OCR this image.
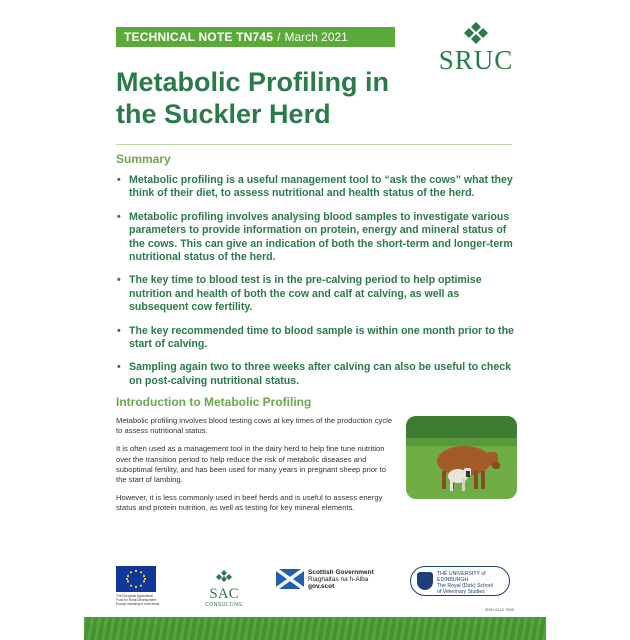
TECHNICAL NOTE TN745 / March 2021
SRUC
Metabolic Profiling in
the Suckler Herd
Summary
• Metabolic profiling is a useful management tool to “ask the cows” what they think of their diet, to assess nutritional and health status of the herd.
• Metabolic profiling involves analysing blood samples to investigate various parameters to provide information on protein, energy and mineral status of the cows. This can give an indication of both the short-term and longer-term nutritional status of the herd.
• The key time to blood test is in the pre-calving period to help optimise nutrition and health of both the cow and calf at calving, as well as subsequent cow fertility.
• The key recommended time to blood sample is within one month prior to the start of calving.
• Sampling again two to three weeks after calving can also be useful to check on post-calving nutritional status.
Introduction to Metabolic Profiling

Metabolic profiling involves blood testing cows at key times of the production cycle to assess nutritional status.

It is often used as a management tool in the dairy herd to help fine tune nutrition over the transition period to help reduce the risk of metabolic diseases and suboptimal fertility, and has been used for many years in pregnant sheep prior to the start of lambing.

However, it is less commonly used in beef herds and is useful to assess energy status and protein nutrition, as well as testing for key mineral elements.

The European Agricultural Fund for Rural Development: Europe investing in rural areas
SAC
CONSULTING
Scottish Government
Riaghaltas na h-Alba
gov.scot
THE UNIVERSITY of EDINBURGH
The Royal (Dick) School
of Veterinary Studies
ISSN 0142 7695
